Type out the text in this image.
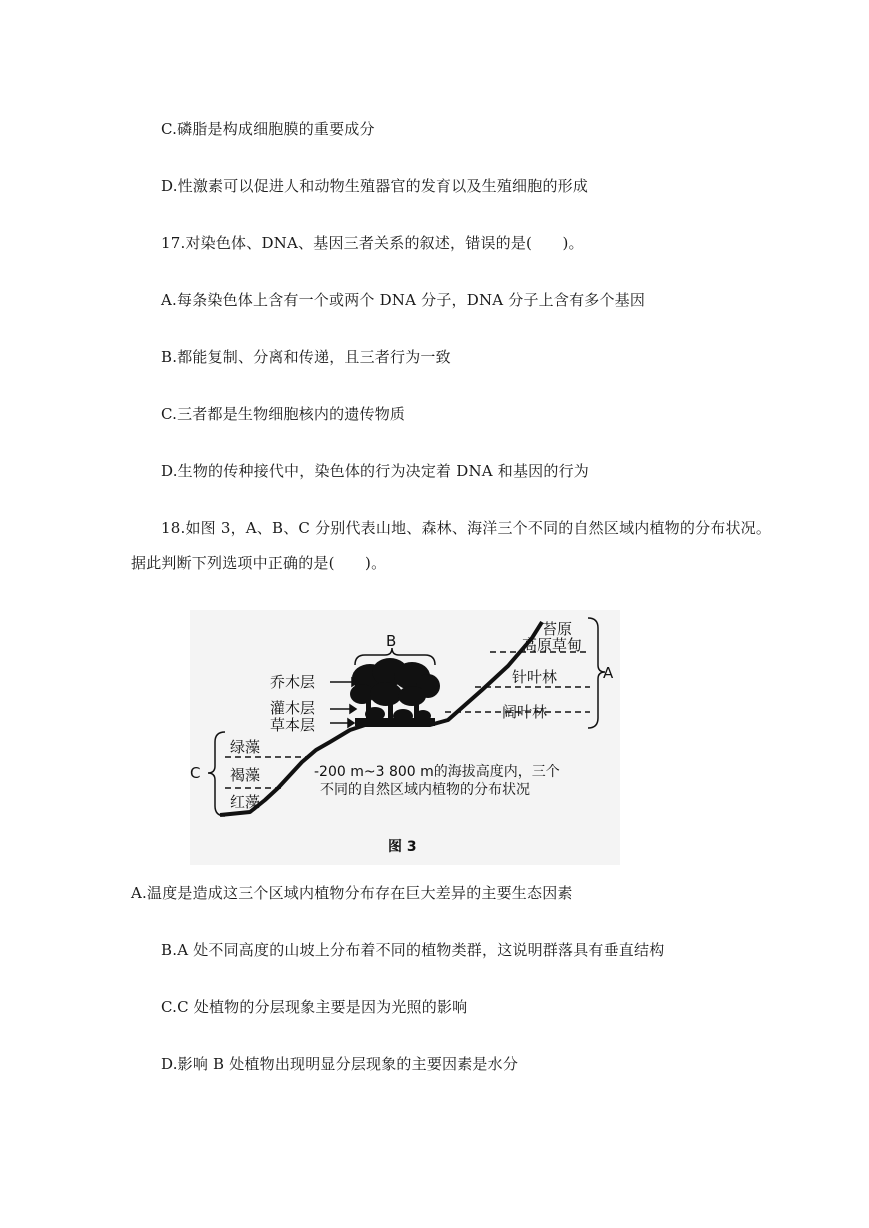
C.磷脂是构成细胞膜的重要成分
D.性激素可以促进人和动物生殖器官的发育以及生殖细胞的形成
17.对染色体、DNA、基因三者关系的叙述，错误的是(　　)。
A.每条染色体上含有一个或两个 DNA 分子，DNA 分子上含有多个基因
B.都能复制、分离和传递，且三者行为一致
C.三者都是生物细胞核内的遗传物质
D.生物的传种接代中，染色体的行为决定着 DNA 和基因的行为
18.如图 3，A、B、C 分别代表山地、森林、海洋三个不同的自然区域内植物的分布状况。
据此判断下列选项中正确的是(　　)。
B
A
C
苔原
高原草甸
针叶林
阔叶林
乔木层
灌木层
草本层
绿藻
褐藻
红藻
-200 m~3 800 m的海拔高度内，三个
不同的自然区域内植物的分布状况
图 3
A.温度是造成这三个区域内植物分布存在巨大差异的主要生态因素
B.A 处不同高度的山坡上分布着不同的植物类群，这说明群落具有垂直结构
C.C 处植物的分层现象主要是因为光照的影响
D.影响 B 处植物出现明显分层现象的主要因素是水分
